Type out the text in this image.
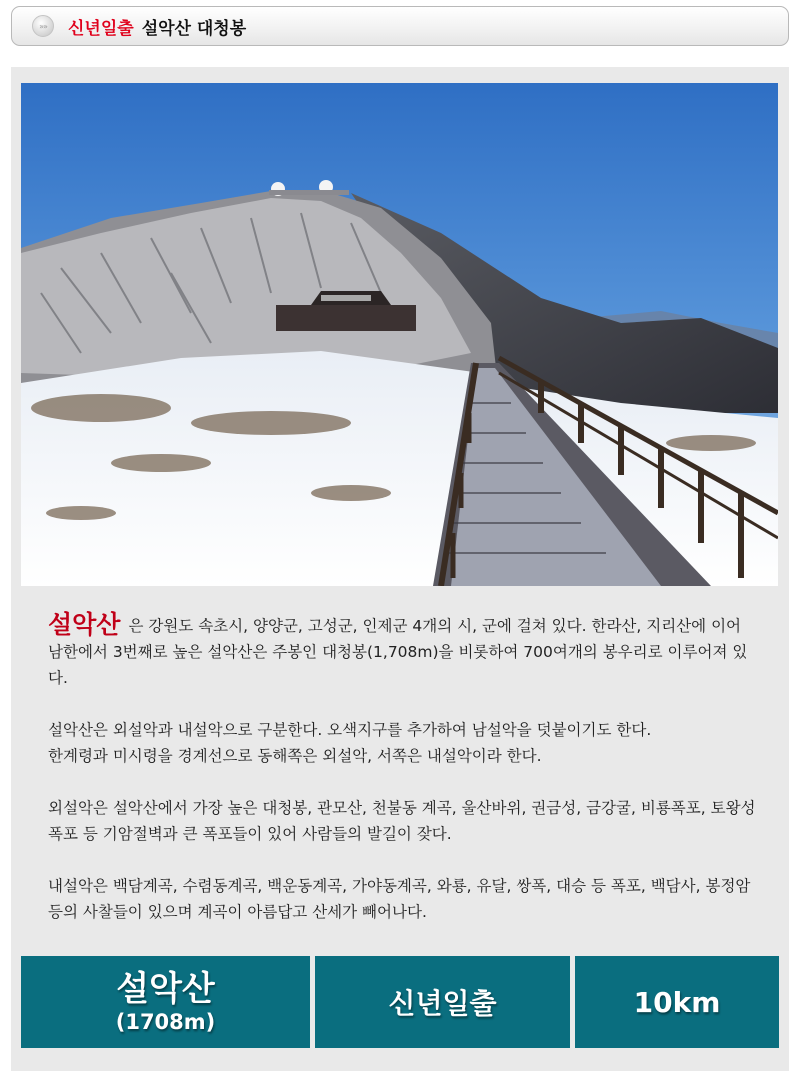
»»	신년일출 설악산 대청봉

설악산 은 강원도 속초시, 양양군, 고성군, 인제군 4개의 시, 군에 걸쳐 있다. 한라산, 지리산에 이어 남한에서 3번째로 높은 설악산은 주봉인 대청봉(1,708m)을 비롯하여 700여개의 봉우리로 이루어져 있다.

설악산은 외설악과 내설악으로 구분한다. 오색지구를 추가하여 남설악을 덧붙이기도 한다.
한계령과 미시령을 경계선으로 동해쪽은 외설악, 서쪽은 내설악이라 한다.

외설악은 설악산에서 가장 높은 대청봉, 관모산, 천불동 계곡, 울산바위, 권금성, 금강굴, 비룡폭포, 토왕성폭포 등 기암절벽과 큰 폭포들이 있어 사람들의 발길이 잦다.

내설악은 백담계곡, 수렴동계곡, 백운동계곡, 가야동계곡, 와룡, 유달, 쌍폭, 대승 등 폭포, 백담사, 봉정암 등의 사찰들이 있으며 계곡이 아름답고 산세가 빼어나다.

설악산
(1708m)
신년일출	10km
